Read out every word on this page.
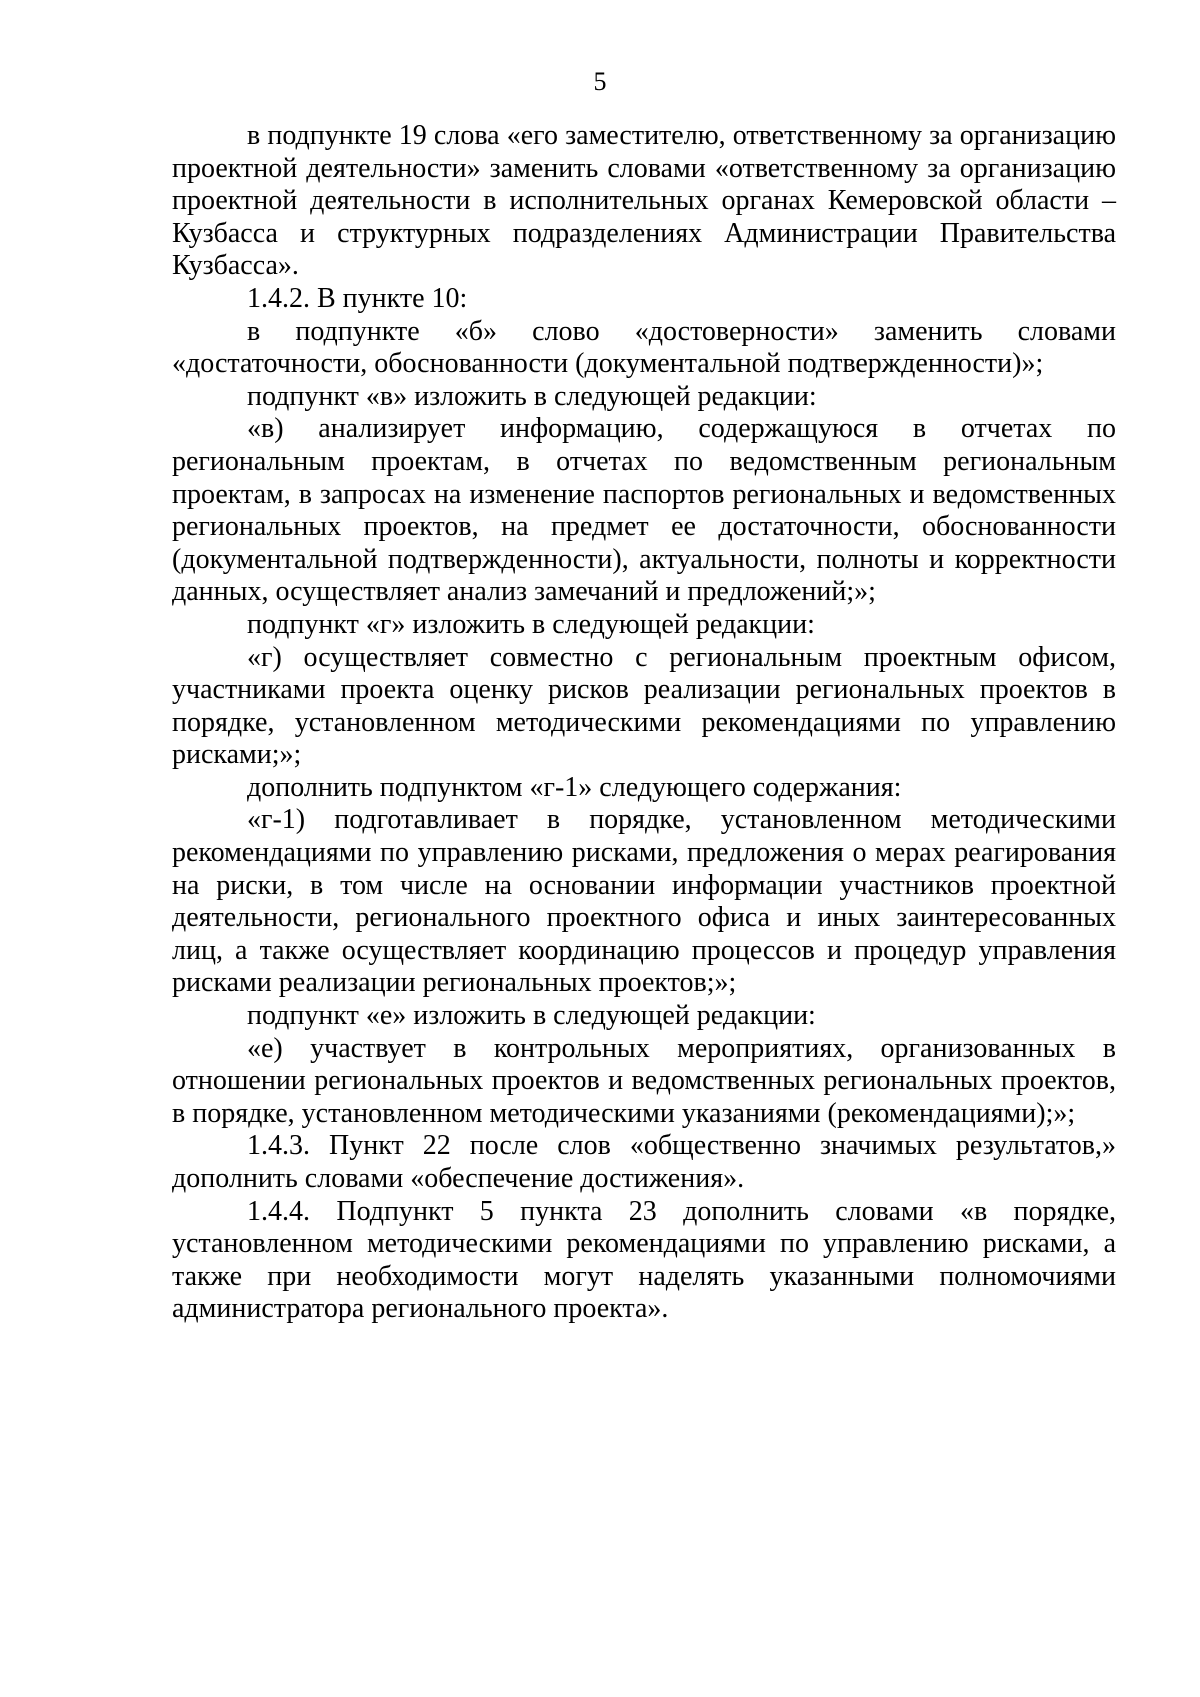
5

в подпункте 19 слова «его заместителю, ответственному за организацию проектной деятельности» заменить словами «ответственному за организацию проектной деятельности в исполнительных органах Кемеровской области – Кузбасса и структурных подразделениях Администрации Правительства Кузбасса».

1.4.2. В пункте 10:

в подпункте «б» слово «достоверности» заменить словами «достаточности, обоснованности (документальной подтвержденности)»;

подпункт «в» изложить в следующей редакции:

«в) анализирует информацию, содержащуюся в отчетах по региональным проектам, в отчетах по ведомственным региональным проектам, в запросах на изменение паспортов региональных и ведомственных региональных проектов, на предмет ее достаточности, обоснованности (документальной подтвержденности), актуальности, полноты и корректности данных, осуществляет анализ замечаний и предложений;»;

подпункт «г» изложить в следующей редакции:

«г) осуществляет совместно с региональным проектным офисом, участниками проекта оценку рисков реализации региональных проектов в порядке, установленном методическими рекомендациями по управлению рисками;»;

дополнить подпунктом «г-1» следующего содержания:

«г-1) подготавливает в порядке, установленном методическими рекомендациями по управлению рисками, предложения о мерах реагирования на риски, в том числе на основании информации участников проектной деятельности, регионального проектного офиса и иных заинтересованных лиц, а также осуществляет координацию процессов и процедур управления рисками реализации региональных проектов;»;

подпункт «е» изложить в следующей редакции:

«е) участвует в контрольных мероприятиях, организованных в отношении региональных проектов и ведомственных региональных проектов, в порядке, установленном методическими указаниями (рекомендациями);»;

1.4.3. Пункт 22 после слов «общественно значимых результатов,» дополнить словами «обеспечение достижения».

1.4.4. Подпункт 5 пункта 23 дополнить словами «в порядке, установленном методическими рекомендациями по управлению рисками, а также при необходимости могут наделять указанными полномочиями администратора регионального проекта».
